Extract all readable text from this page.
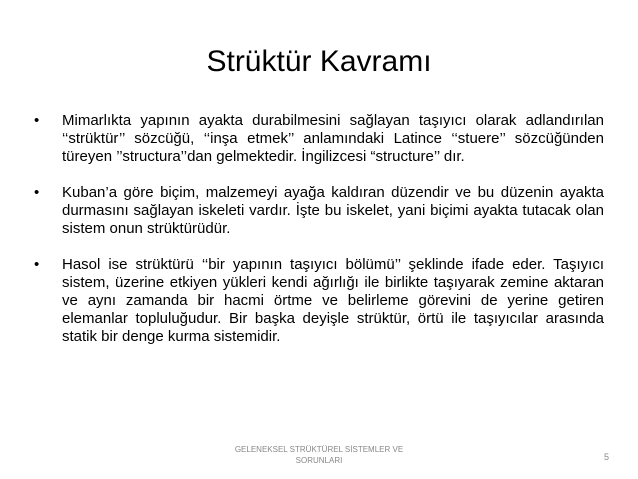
Strüktür Kavramı
•	Mimarlıkta yapının ayakta durabilmesini sağlayan taşıyıcı olarak adlandırılan ‘‘strüktür’’ sözcüğü, ‘‘inşa etmek’’ anlamındaki Latince ‘‘stuere’’ sözcüğünden türeyen ’’structura’’dan gelmektedir. İngilizcesi “structure’’ dır.
•	Kuban’a göre biçim, malzemeyi ayağa kaldıran düzendir ve bu düzenin ayakta durmasını sağlayan iskeleti vardır. İşte bu iskelet, yani biçimi ayakta tutacak olan sistem onun strüktürüdür.
•	Hasol ise strüktürü ‘‘bir yapının taşıyıcı bölümü’’ şeklinde ifade eder. Taşıyıcı sistem, üzerine etkiyen yükleri kendi ağırlığı ile birlikte taşıyarak zemine aktaran ve aynı zamanda bir hacmi örtme ve belirleme görevini de yerine getiren elemanlar topluluğudur. Bir başka deyişle strüktür, örtü ile taşıyıcılar arasında statik bir denge kurma sistemidir.
GELENEKSEL STRÜKTÜREL SİSTEMLER VE SORUNLARI	5
